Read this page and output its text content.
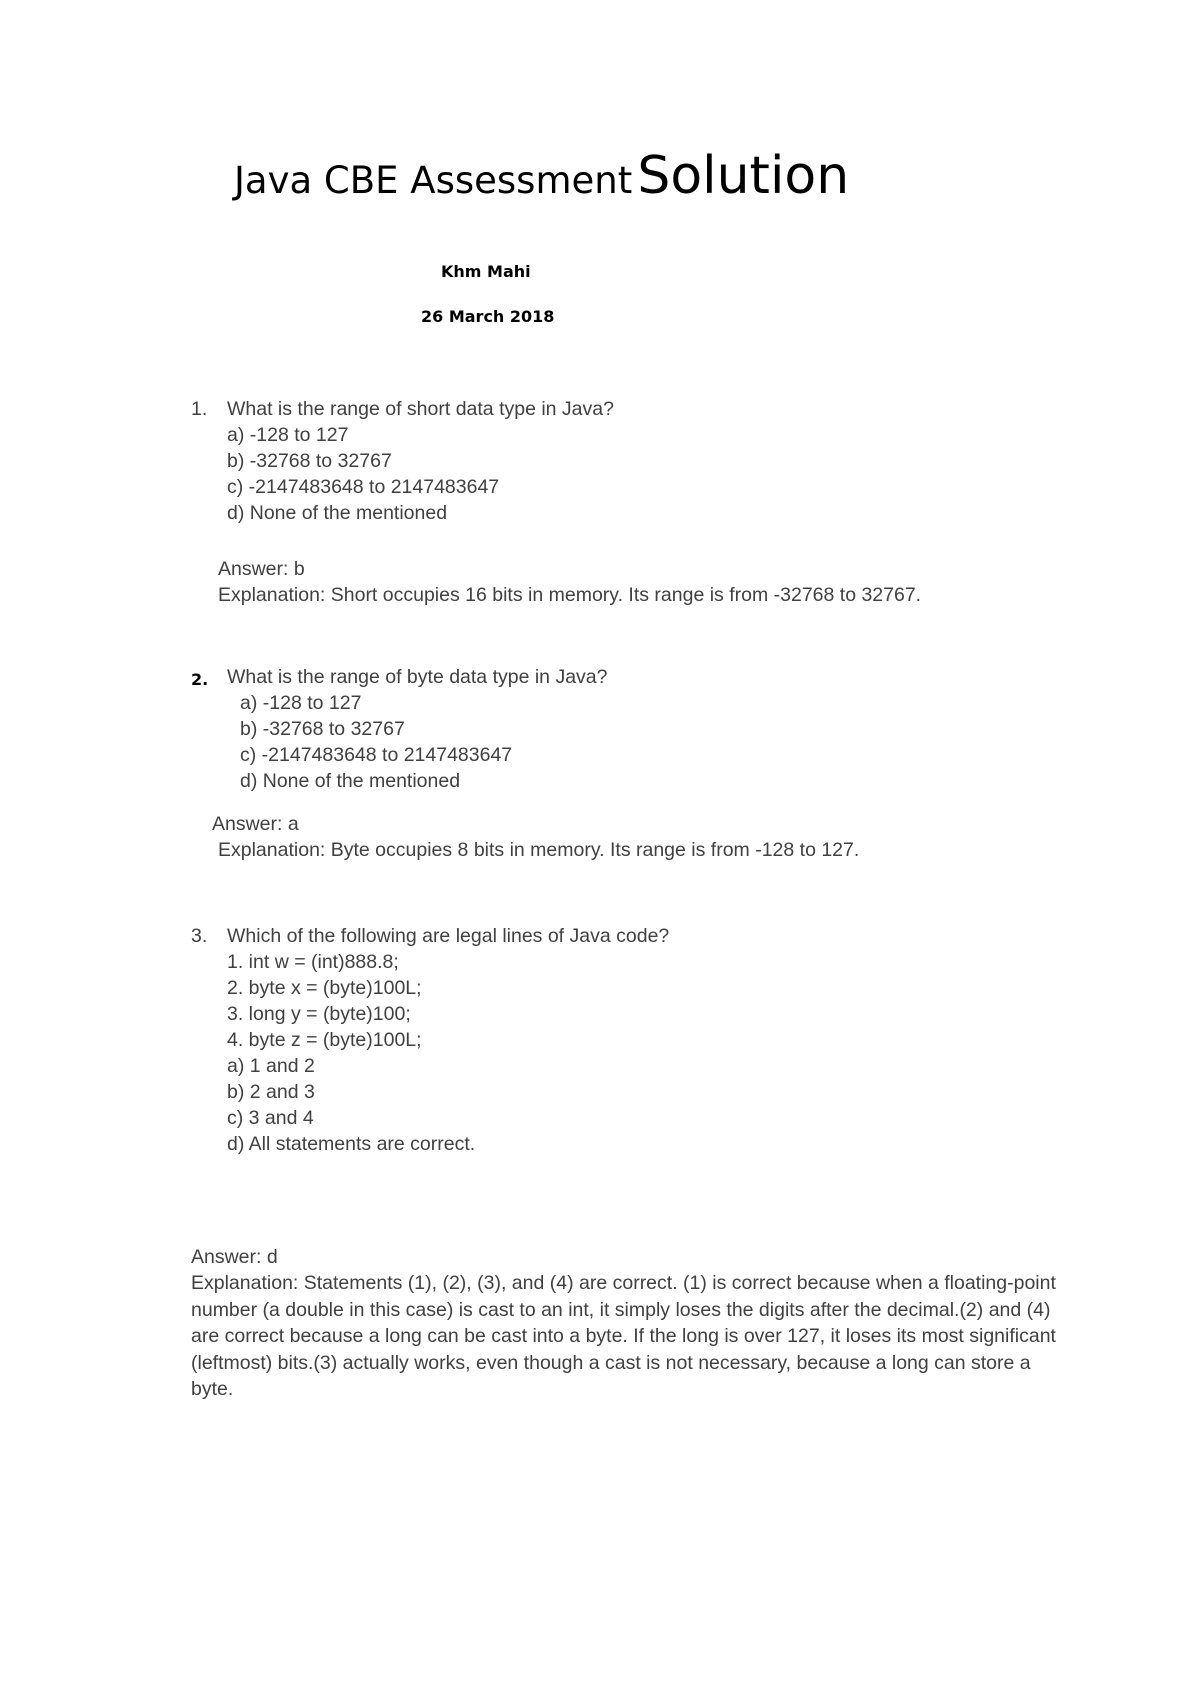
Java CBE Assessment Solution
Khm Mahi
26 March 2018
1. What is the range of short data type in Java?
a) -128 to 127
b) -32768 to 32767
c) -2147483648 to 2147483647
d) None of the mentioned
Answer: b
Explanation: Short occupies 16 bits in memory. Its range is from -32768 to 32767.
2. What is the range of byte data type in Java?
a) -128 to 127
b) -32768 to 32767
c) -2147483648 to 2147483647
d) None of the mentioned
Answer: a
Explanation: Byte occupies 8 bits in memory. Its range is from -128 to 127.
3. Which of the following are legal lines of Java code?
1. int w = (int)888.8;
2. byte x = (byte)100L;
3. long y = (byte)100;
4. byte z = (byte)100L;
a) 1 and 2
b) 2 and 3
c) 3 and 4
d) All statements are correct.
Answer: d
Explanation: Statements (1), (2), (3), and (4) are correct. (1) is correct because when a floating-point number (a double in this case) is cast to an int, it simply loses the digits after the decimal.(2) and (4) are correct because a long can be cast into a byte. If the long is over 127, it loses its most significant (leftmost) bits.(3) actually works, even though a cast is not necessary, because a long can store a byte.
